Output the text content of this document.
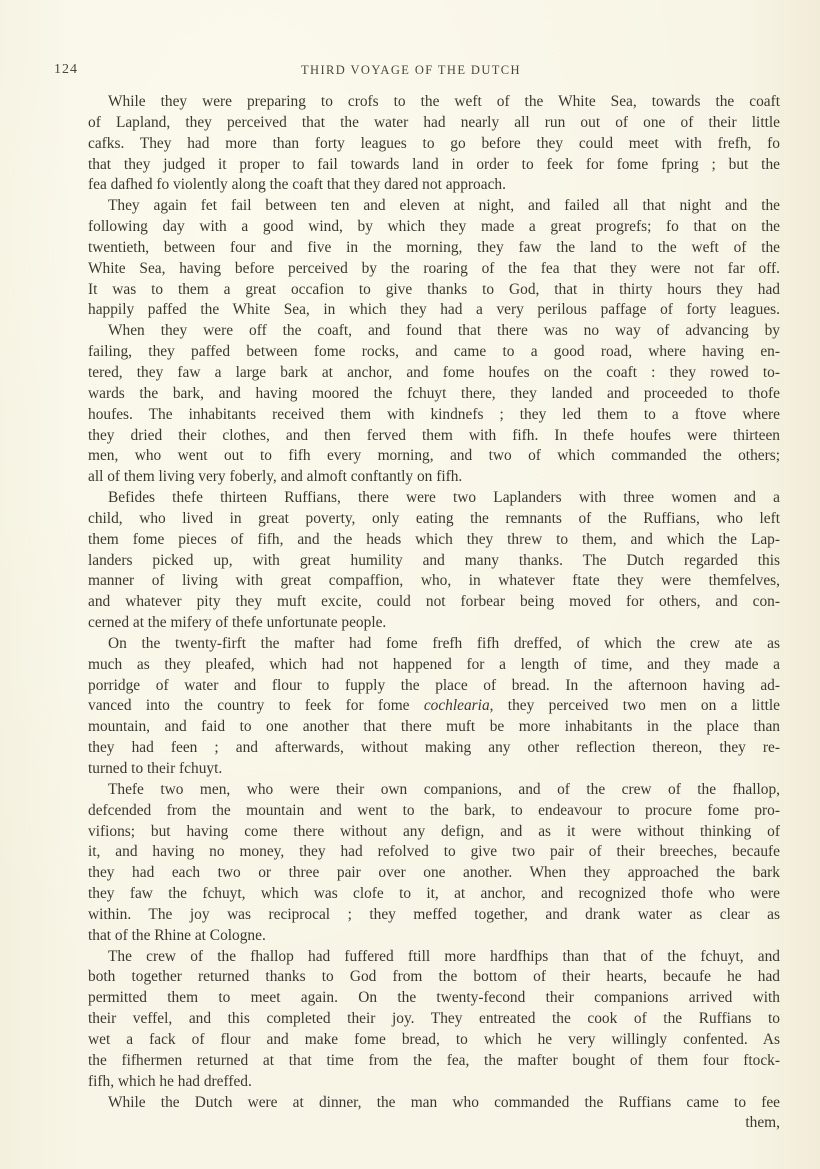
124	THIRD VOYAGE OF THE DUTCH

While they were preparing to crofs to the weft of the White Sea, towards the coaft
of Lapland, they perceived that the water had nearly all run out of one of their little
cafks. They had more than forty leagues to go before they could meet with frefh, fo
that they judged it proper to fail towards land in order to feek for fome fpring ; but the
fea dafhed fo violently along the coaft that they dared not approach.

They again fet fail between ten and eleven at night, and failed all that night and the
following day with a good wind, by which they made a great progrefs; fo that on the
twentieth, between four and five in the morning, they faw the land to the weft of the
White Sea, having before perceived by the roaring of the fea that they were not far off.
It was to them a great occafion to give thanks to God, that in thirty hours they had
happily paffed the White Sea, in which they had a very perilous paffage of forty leagues.

When they were off the coaft, and found that there was no way of advancing by
failing, they paffed between fome rocks, and came to a good road, where having en-
tered, they faw a large bark at anchor, and fome houfes on the coaft : they rowed to-
wards the bark, and having moored the fchuyt there, they landed and proceeded to thofe
houfes. The inhabitants received them with kindnefs ; they led them to a ftove where
they dried their clothes, and then ferved them with fifh. In thefe houfes were thirteen
men, who went out to fifh every morning, and two of which commanded the others;
all of them living very foberly, and almoft conftantly on fifh.

Befides thefe thirteen Ruffians, there were two Laplanders with three women and a
child, who lived in great poverty, only eating the remnants of the Ruffians, who left
them fome pieces of fifh, and the heads which they threw to them, and which the Lap-
landers picked up, with great humility and many thanks. The Dutch regarded this
manner of living with great compaffion, who, in whatever ftate they were themfelves,
and whatever pity they muft excite, could not forbear being moved for others, and con-
cerned at the mifery of thefe unfortunate people.

On the twenty-firft the mafter had fome frefh fifh dreffed, of which the crew ate as
much as they pleafed, which had not happened for a length of time, and they made a
porridge of water and flour to fupply the place of bread. In the afternoon having ad-
vanced into the country to feek for fome cochlearia, they perceived two men on a little
mountain, and faid to one another that there muft be more inhabitants in the place than
they had feen ; and afterwards, without making any other reflection thereon, they re-
turned to their fchuyt.

Thefe two men, who were their own companions, and of the crew of the fhallop,
defcended from the mountain and went to the bark, to endeavour to procure fome pro-
vifions; but having come there without any defign, and as it were without thinking of
it, and having no money, they had refolved to give two pair of their breeches, becaufe
they had each two or three pair over one another. When they approached the bark
they faw the fchuyt, which was clofe to it, at anchor, and recognized thofe who were
within. The joy was reciprocal ; they meffed together, and drank water as clear as
that of the Rhine at Cologne.

The crew of the fhallop had fuffered ftill more hardfhips than that of the fchuyt, and
both together returned thanks to God from the bottom of their hearts, becaufe he had
permitted them to meet again. On the twenty-fecond their companions arrived with
their veffel, and this completed their joy. They entreated the cook of the Ruffians to
wet a fack of flour and make fome bread, to which he very willingly confented. As
the fifhermen returned at that time from the fea, the mafter bought of them four ftock-
fifh, which he had dreffed.

While the Dutch were at dinner, the man who commanded the Ruffians came to fee
them,
